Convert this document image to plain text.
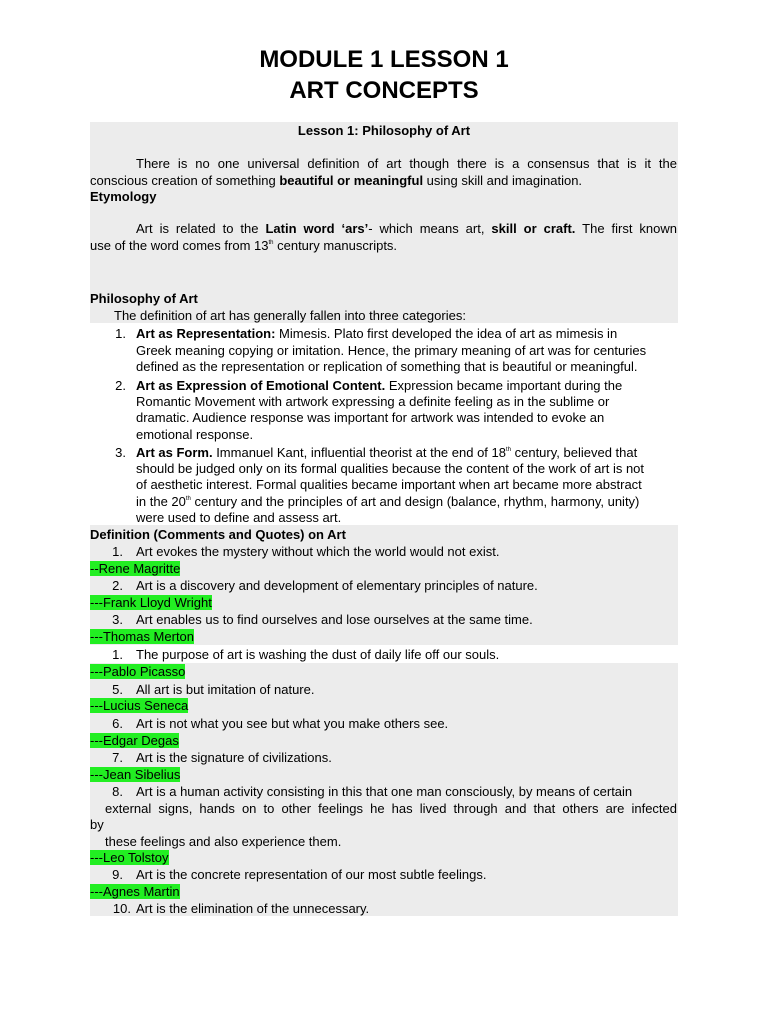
MODULE 1 LESSON 1
ART CONCEPTS
Lesson 1: Philosophy of Art
There is no one universal definition of art though there is a consensus that is it the
conscious creation of something beautiful or meaningful using skill and imagination.
Etymology
Art is related to the Latin word ‘ars’- which means art, skill or craft. The first known
use of the word comes from 13th century manuscripts.
Philosophy of Art
The definition of art has generally fallen into three categories:
1. Art as Representation: Mimesis. Plato first developed the idea of art as mimesis in
Greek meaning copying or imitation. Hence, the primary meaning of art was for centuries
defined as the representation or replication of something that is beautiful or meaningful.
2. Art as Expression of Emotional Content. Expression became important during the
Romantic Movement with artwork expressing a definite feeling as in the sublime or
dramatic. Audience response was important for artwork was intended to evoke an
emotional response.
3. Art as Form. Immanuel Kant, influential theorist at the end of 18th century, believed that
should be judged only on its formal qualities because the content of the work of art is not
of aesthetic interest. Formal qualities became important when art became more abstract
in the 20th century and the principles of art and design (balance, rhythm, harmony, unity)
were used to define and assess art.
Definition (Comments and Quotes) on Art
1. Art evokes the mystery without which the world would not exist.
--Rene Magritte
2. Art is a discovery and development of elementary principles of nature.
---Frank Lloyd Wright
3. Art enables us to find ourselves and lose ourselves at the same time.
---Thomas Merton
1. The purpose of art is washing the dust of daily life off our souls.
---Pablo Picasso
5. All art is but imitation of nature.
---Lucius Seneca
6. Art is not what you see but what you make others see.
---Edgar Degas
7. Art is the signature of civilizations.
---Jean Sibelius
8. Art is a human activity consisting in this that one man consciously, by means of certain
external signs, hands on to other feelings he has lived through and that others are infected
by
these feelings and also experience them.
---Leo Tolstoy
9. Art is the concrete representation of our most subtle feelings.
---Agnes Martin
10. Art is the elimination of the unnecessary.
